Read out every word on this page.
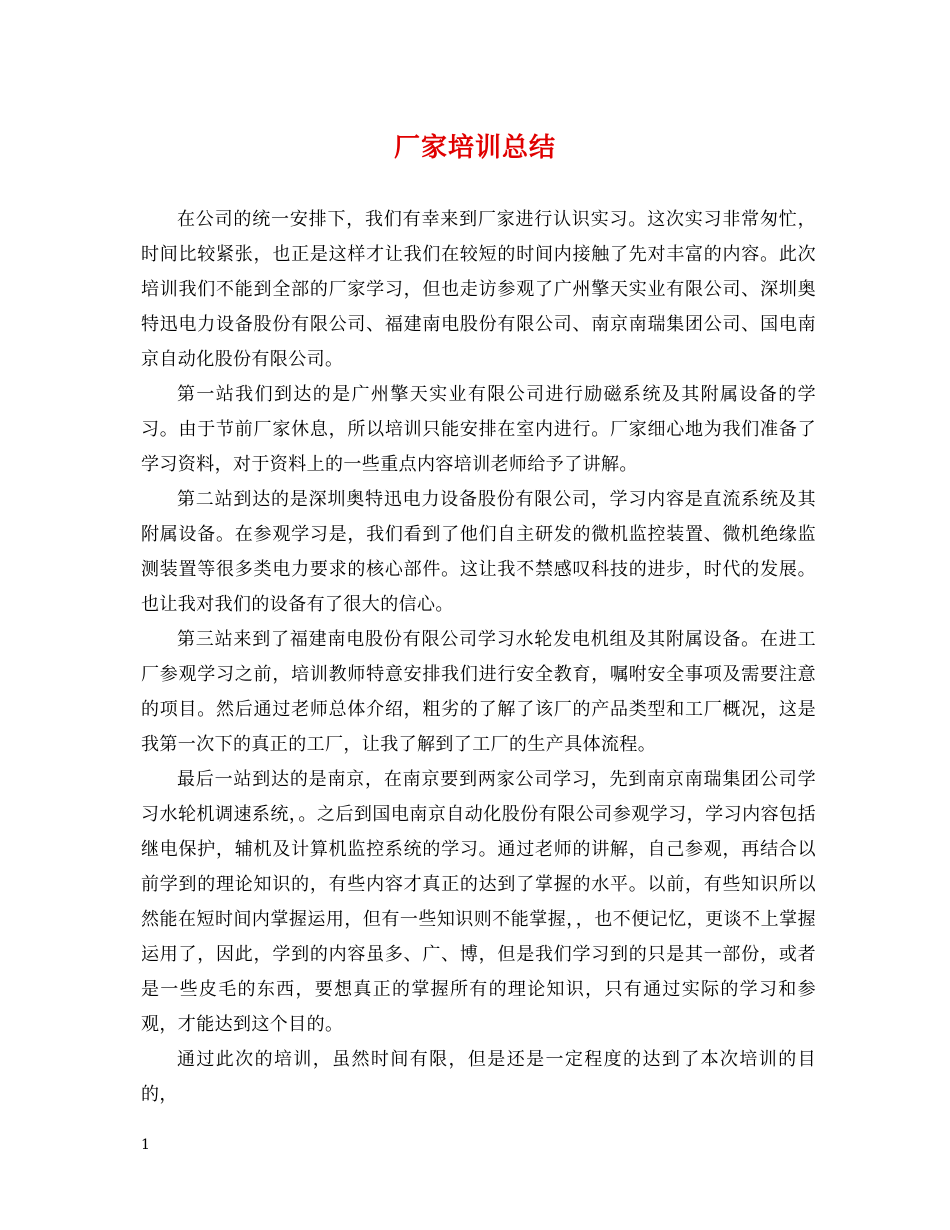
厂家培训总结

在公司的统一安排下，我们有幸来到厂家进行认识实习。这次实习非常匆忙，时间比较紧张，也正是这样才让我们在较短的时间内接触了先对丰富的内容。此次培训我们不能到全部的厂家学习，但也走访参观了广州擎天实业有限公司、深圳奥特迅电力设备股份有限公司、福建南电股份有限公司、南京南瑞集团公司、国电南京自动化股份有限公司。

第一站我们到达的是广州擎天实业有限公司进行励磁系统及其附属设备的学习。由于节前厂家休息，所以培训只能安排在室内进行。厂家细心地为我们准备了学习资料，对于资料上的一些重点内容培训老师给予了讲解。

第二站到达的是深圳奥特迅电力设备股份有限公司，学习内容是直流系统及其附属设备。在参观学习是，我们看到了他们自主研发的微机监控装置、微机绝缘监测装置等很多类电力要求的核心部件。这让我不禁感叹科技的进步，时代的发展。也让我对我们的设备有了很大的信心。

第三站来到了福建南电股份有限公司学习水轮发电机组及其附属设备。在进工厂参观学习之前，培训教师特意安排我们进行安全教育，嘱咐安全事项及需要注意的项目。然后通过老师总体介绍，粗劣的了解了该厂的产品类型和工厂概况，这是我第一次下的真正的工厂，让我了解到了工厂的生产具体流程。

最后一站到达的是南京，在南京要到两家公司学习，先到南京南瑞集团公司学习水轮机调速系统，。之后到国电南京自动化股份有限公司参观学习，学习内容包括继电保护，辅机及计算机监控系统的学习。通过老师的讲解，自己参观，再结合以前学到的理论知识的，有些内容才真正的达到了掌握的水平。以前，有些知识所以然能在短时间内掌握运用，但有一些知识则不能掌握，，也不便记忆，更谈不上掌握运用了，因此，学到的内容虽多、广、博，但是我们学习到的只是其一部份，或者是一些皮毛的东西，要想真正的掌握所有的理论知识，只有通过实际的学习和参观，才能达到这个目的。

通过此次的培训，虽然时间有限，但是还是一定程度的达到了本次培训的目的，

1
